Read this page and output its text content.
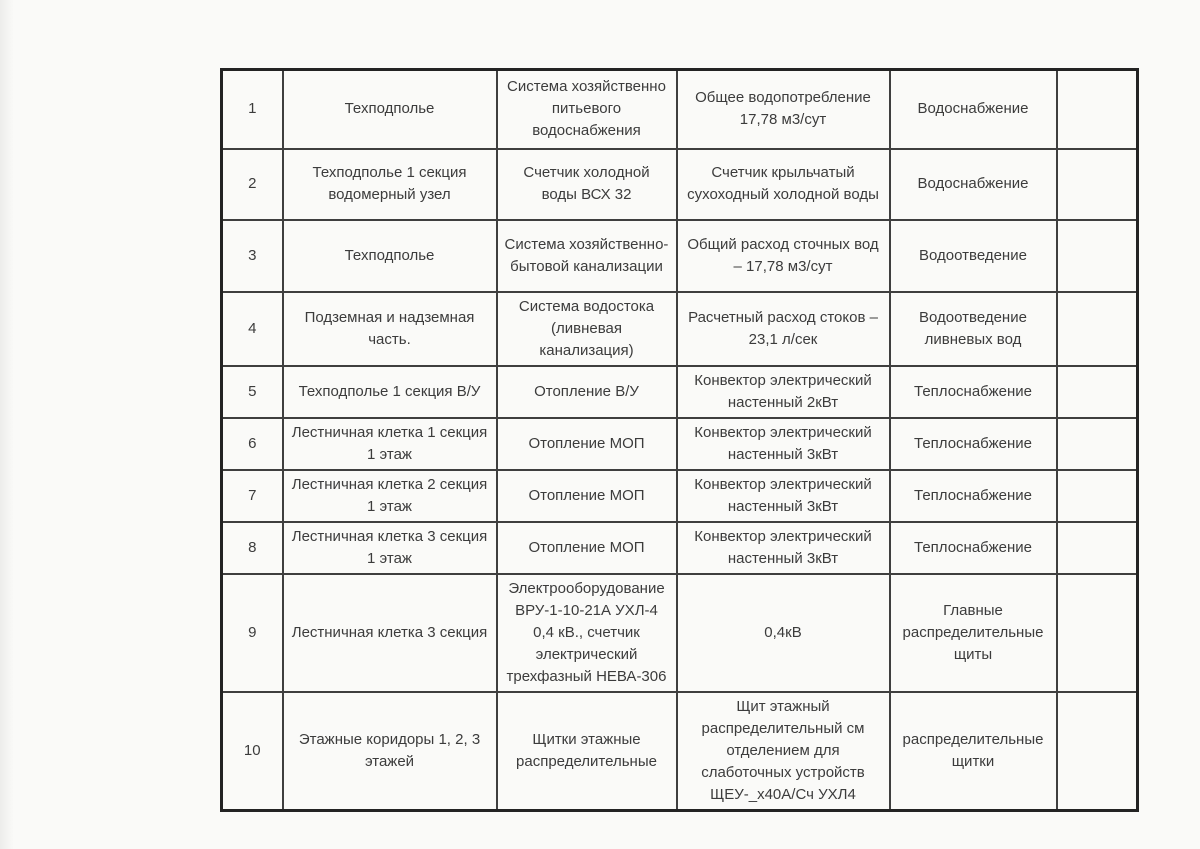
1	Техподполье	Система хозяйственно питьевого водоснабжения	Общее водопотребление 17,78 м3/сут	Водоснабжение	
2	Техподполье 1 секция водомерный узел	Счетчик холодной воды ВСХ 32	Счетчик крыльчатый сухоходный холодной воды	Водоснабжение	
3	Техподполье	Система хозяйственно-бытовой канализации	Общий расход сточных вод – 17,78 м3/сут	Водоотведение	
4	Подземная и надземная часть.	Система водостока (ливневая канализация)	Расчетный расход стоков – 23,1 л/сек	Водоотведение ливневых вод	
5	Техподполье 1 секция В/У	Отопление В/У	Конвектор электрический настенный 2кВт	Теплоснабжение	
6	Лестничная клетка 1 секция 1 этаж	Отопление МОП	Конвектор электрический настенный 3кВт	Теплоснабжение	
7	Лестничная клетка 2 секция 1 этаж	Отопление МОП	Конвектор электрический настенный 3кВт	Теплоснабжение	
8	Лестничная клетка 3 секция 1 этаж	Отопление МОП	Конвектор электрический настенный 3кВт	Теплоснабжение	
9	Лестничная клетка 3 секция	Электрооборудование ВРУ-1-10-21А УХЛ-4 0,4 кВ., счетчик электрический трехфазный НЕВА-306	0,4кВ	Главные распределительные щиты	
10	Этажные коридоры 1, 2, 3 этажей	Щитки этажные распределительные	Щит этажный распределительный см отделением для слаботочных устройств ЩЕУ-_х40А/Сч УХЛ4	распределительные щитки	
